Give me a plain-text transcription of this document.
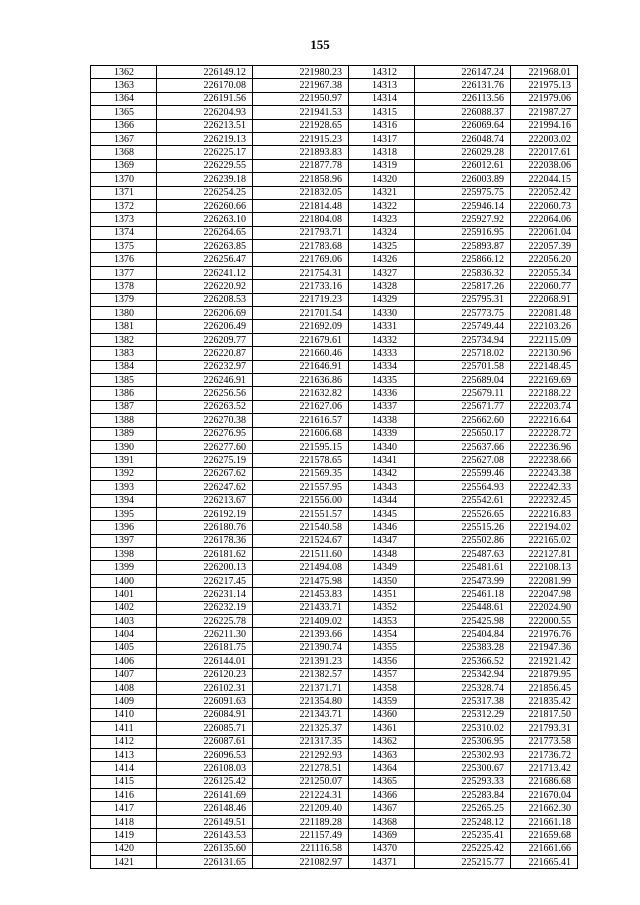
155
1362	226149.12	221980.23	14312	226147.24	221968.01
1363	226170.08	221967.38	14313	226131.76	221975.13
1364	226191.56	221950.97	14314	226113.56	221979.06
1365	226204.93	221941.53	14315	226088.37	221987.27
1366	226213.51	221928.65	14316	226069.64	221994.16
1367	226219.13	221915.23	14317	226048.74	222003.02
1368	226225.17	221893.83	14318	226029.28	222017.61
1369	226229.55	221877.78	14319	226012.61	222038.06
1370	226239.18	221858.96	14320	226003.89	222044.15
1371	226254.25	221832.05	14321	225975.75	222052.42
1372	226260.66	221814.48	14322	225946.14	222060.73
1373	226263.10	221804.08	14323	225927.92	222064.06
1374	226264.65	221793.71	14324	225916.95	222061.04
1375	226263.85	221783.68	14325	225893.87	222057.39
1376	226256.47	221769.06	14326	225866.12	222056.20
1377	226241.12	221754.31	14327	225836.32	222055.34
1378	226220.92	221733.16	14328	225817.26	222060.77
1379	226208.53	221719.23	14329	225795.31	222068.91
1380	226206.69	221701.54	14330	225773.75	222081.48
1381	226206.49	221692.09	14331	225749.44	222103.26
1382	226209.77	221679.61	14332	225734.94	222115.09
1383	226220.87	221660.46	14333	225718.02	222130.96
1384	226232.97	221646.91	14334	225701.58	222148.45
1385	226246.91	221636.86	14335	225689.04	222169.69
1386	226256.56	221632.82	14336	225679.11	222188.22
1387	226263.52	221627.06	14337	225671.77	222203.74
1388	226270.38	221616.57	14338	225662.60	222216.64
1389	226276.95	221606.68	14339	225650.17	222228.72
1390	226277.60	221595.15	14340	225637.66	222236.96
1391	226275.19	221578.65	14341	225627.08	222238.66
1392	226267.62	221569.35	14342	225599.46	222243.38
1393	226247.62	221557.95	14343	225564.93	222242.33
1394	226213.67	221556.00	14344	225542.61	222232.45
1395	226192.19	221551.57	14345	225526.65	222216.83
1396	226180.76	221540.58	14346	225515.26	222194.02
1397	226178.36	221524.67	14347	225502.86	222165.02
1398	226181.62	221511.60	14348	225487.63	222127.81
1399	226200.13	221494.08	14349	225481.61	222108.13
1400	226217.45	221475.98	14350	225473.99	222081.99
1401	226231.14	221453.83	14351	225461.18	222047.98
1402	226232.19	221433.71	14352	225448.61	222024.90
1403	226225.78	221409.02	14353	225425.98	222000.55
1404	226211.30	221393.66	14354	225404.84	221976.76
1405	226181.75	221390.74	14355	225383.28	221947.36
1406	226144.01	221391.23	14356	225366.52	221921.42
1407	226120.23	221382.57	14357	225342.94	221879.95
1408	226102.31	221371.71	14358	225328.74	221856.45
1409	226091.63	221354.80	14359	225317.38	221835.42
1410	226084.91	221343.71	14360	225312.29	221817.50
1411	226085.71	221325.37	14361	225310.02	221793.31
1412	226087.61	221317.35	14362	225306.95	221773.58
1413	226096.53	221292.93	14363	225302.93	221736.72
1414	226108.03	221278.51	14364	225300.67	221713.42
1415	226125.42	221250.07	14365	225293.33	221686.68
1416	226141.69	221224.31	14366	225283.84	221670.04
1417	226148.46	221209.40	14367	225265.25	221662.30
1418	226149.51	221189.28	14368	225248.12	221661.18
1419	226143.53	221157.49	14369	225235.41	221659.68
1420	226135.60	221116.58	14370	225225.42	221661.66
1421	226131.65	221082.97	14371	225215.77	221665.41
